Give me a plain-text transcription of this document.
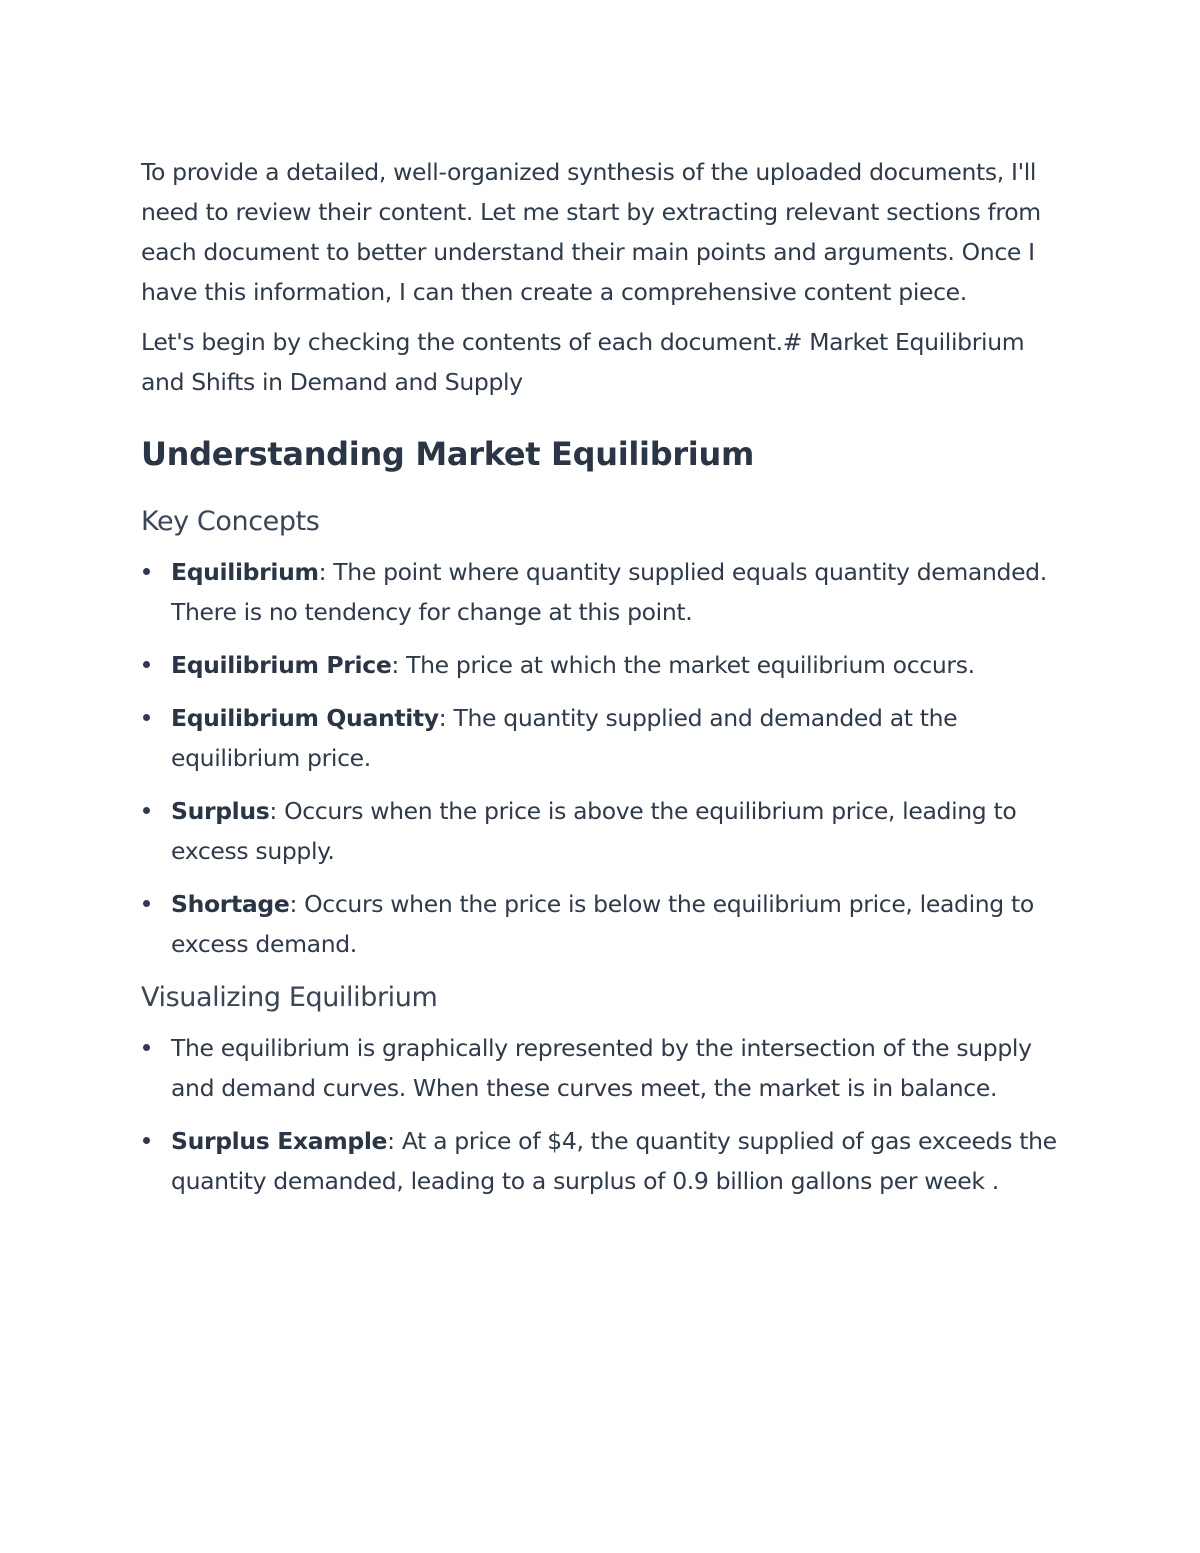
To provide a detailed, well-organized synthesis of the uploaded documents, I'll need to review their content. Let me start by extracting relevant sections from each document to better understand their main points and arguments. Once I have this information, I can then create a comprehensive content piece.

Let's begin by checking the contents of each document.# Market Equilibrium and Shifts in Demand and Supply

Understanding Market Equilibrium
Key Concepts
Equilibrium: The point where quantity supplied equals quantity demanded. There is no tendency for change at this point.
Equilibrium Price: The price at which the market equilibrium occurs.
Equilibrium Quantity: The quantity supplied and demanded at the equilibrium price.
Surplus: Occurs when the price is above the equilibrium price, leading to excess supply.
Shortage: Occurs when the price is below the equilibrium price, leading to excess demand.
Visualizing Equilibrium
The equilibrium is graphically represented by the intersection of the supply and demand curves. When these curves meet, the market is in balance.
Surplus Example: At a price of $4, the quantity supplied of gas exceeds the quantity demanded, leading to a surplus of 0.9 billion gallons per week .
